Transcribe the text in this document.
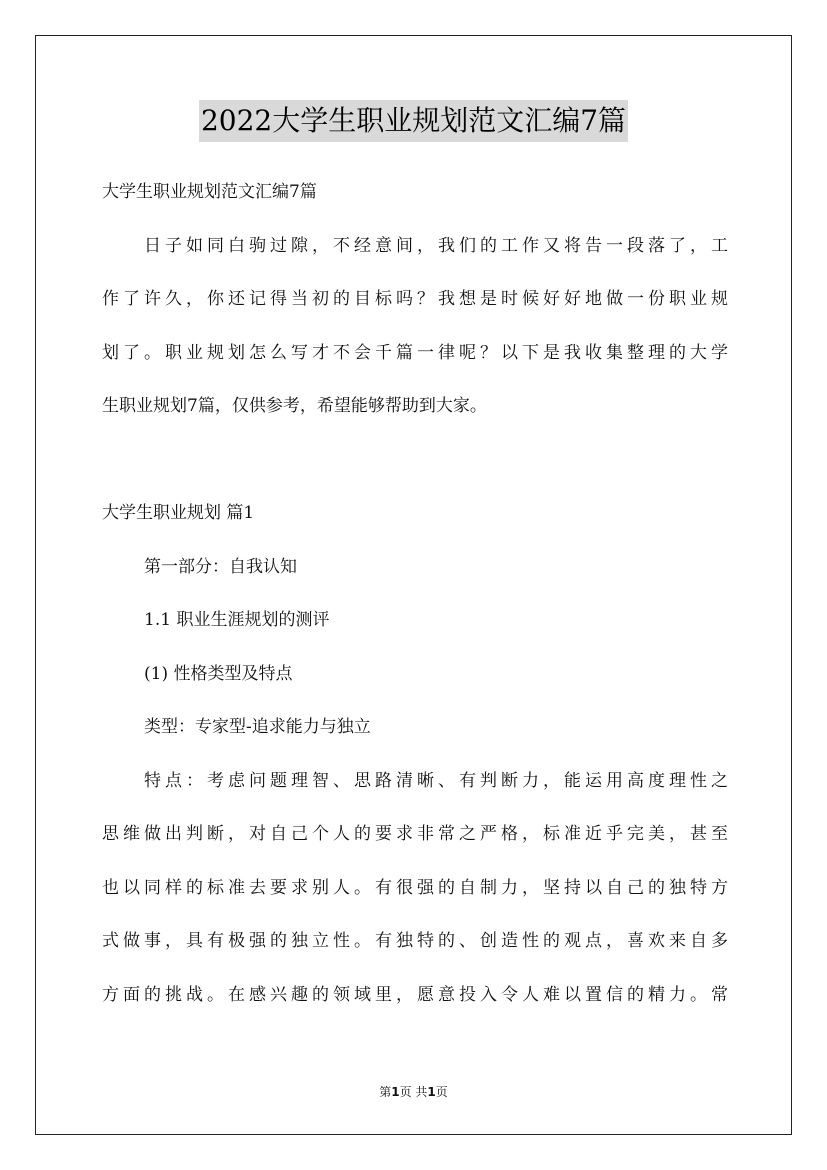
2022大学生职业规划范文汇编7篇

大学生职业规划范文汇编7篇

日子如同白驹过隙，不经意间，我们的工作又将告一段落了，工

作了许久，你还记得当初的目标吗？我想是时候好好地做一份职业规

划了。职业规划怎么写才不会千篇一律呢？以下是我收集整理的大学

生职业规划7篇，仅供参考，希望能够帮助到大家。

大学生职业规划 篇1

第一部分：自我认知

1.1 职业生涯规划的测评

(1) 性格类型及特点

类型：专家型-追求能力与独立

特点：考虑问题理智、思路清晰、有判断力，能运用高度理性之

思维做出判断，对自己个人的要求非常之严格，标准近乎完美，甚至

也以同样的标准去要求别人。有很强的自制力，坚持以自己的独特方

式做事，具有极强的独立性。有独特的、创造性的观点，喜欢来自多

方面的挑战。在感兴趣的领域里，愿意投入令人难以置信的精力。常

第1页 共1页
